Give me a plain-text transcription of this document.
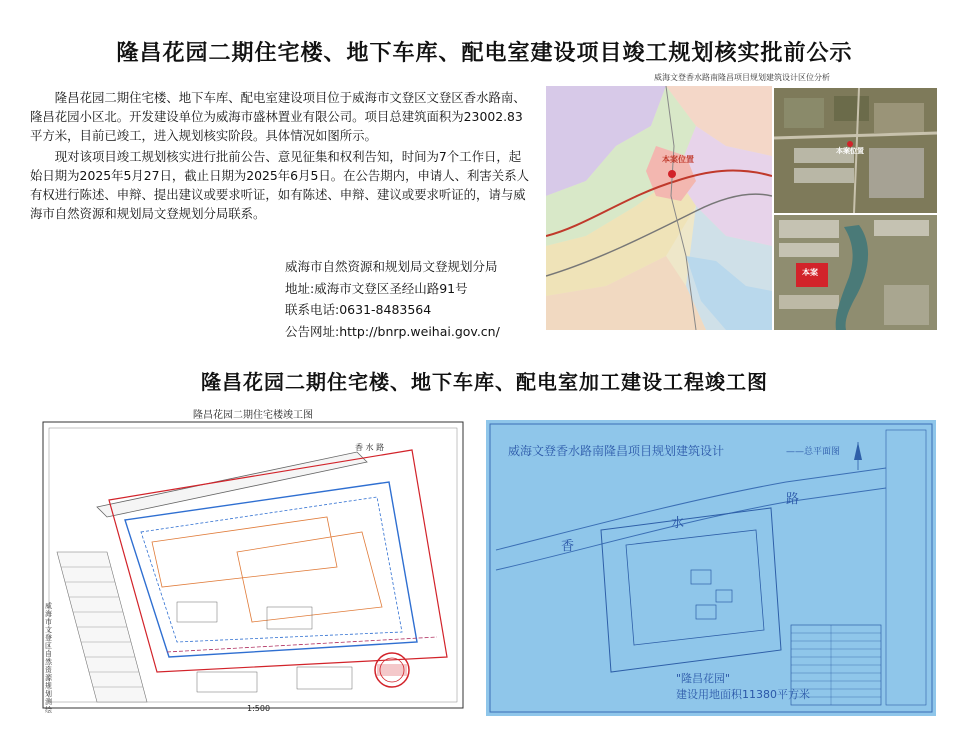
隆昌花园二期住宅楼、地下车库、配电室建设项目竣工规划核实批前公示

隆昌花园二期住宅楼、地下车库、配电室建设项目位于威海市文登区文登区香水路南、隆昌花园小区北。开发建设单位为威海市盛林置业有限公司。项目总建筑面积为23002.83平方米，目前已竣工，进入规划核实阶段。具体情况如图所示。

现对该项目竣工规划核实进行批前公告、意见征集和权利告知，时间为7个工作日，起始日期为2025年5月27日，截止日期为2025年6月5日。在公告期内，申请人、利害关系人有权进行陈述、申辩、提出建议或要求听证，如有陈述、申辩、建议或要求听证的，请与威海市自然资源和规划局文登规划分局联系。

威海市自然资源和规划局文登规划分局
地址:威海市文登区圣经山路91号
联系电话:0631-8483564
公告网址:http://bnrp.weihai.gov.cn/
威海文登香水路南隆昌项目规划建筑设计区位分析
本案位置
本案位置
本案
隆昌花园二期住宅楼、地下车库、配电室加工建设工程竣工图
隆昌花园二期住宅楼竣工图
香 水 路
1:500
威海市文登区自然资源规划测绘
威海文登香水路南隆昌项目规划建筑设计	——总平面图
香
水
路
"隆昌花园"
建设用地面积11380平方米
